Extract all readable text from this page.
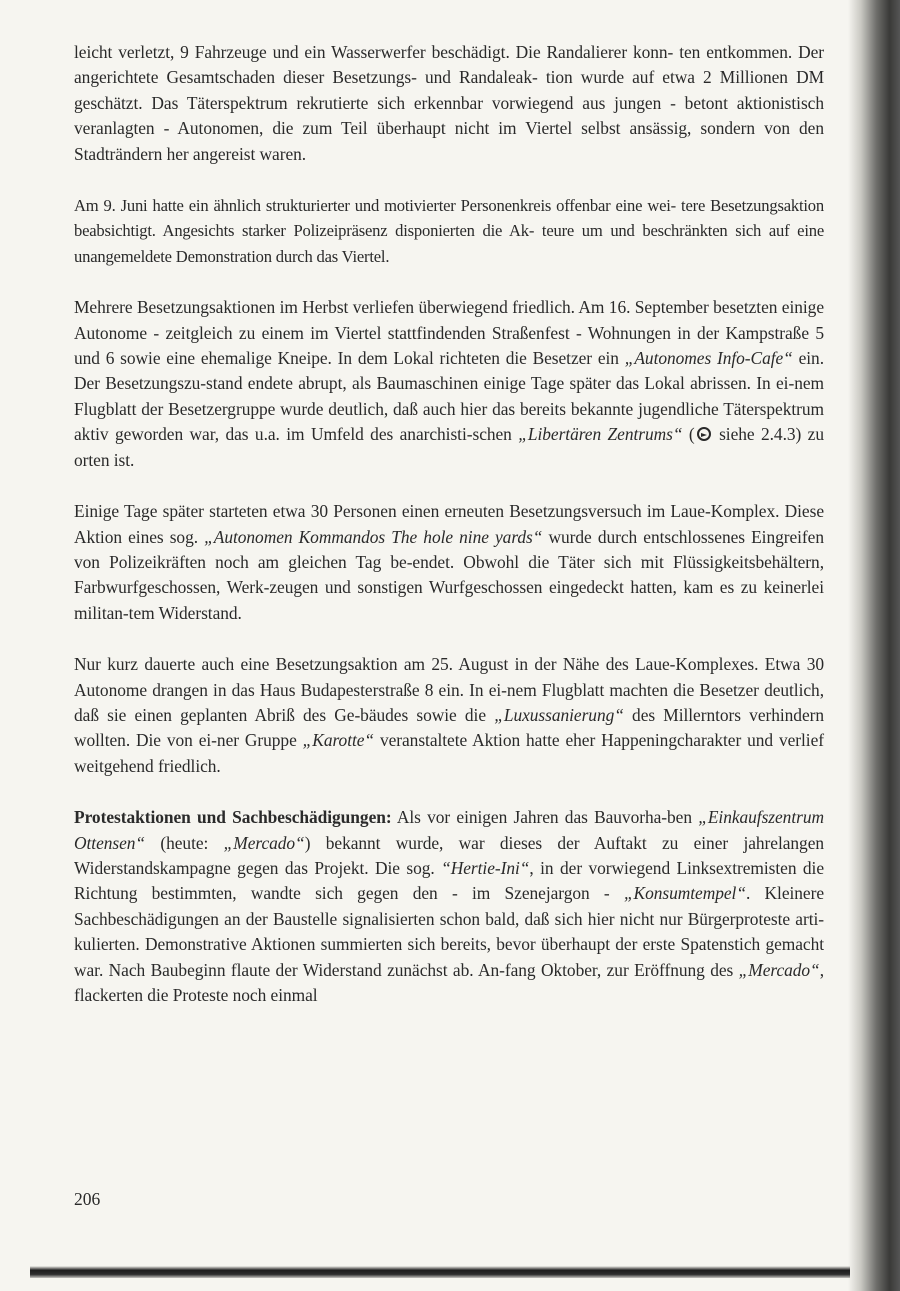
leicht verletzt, 9 Fahrzeuge und ein Wasserwerfer beschädigt. Die Randalierer konn- ten entkommen. Der angerichtete Gesamtschaden dieser Besetzungs- und Randaleak- tion wurde auf etwa 2 Millionen DM geschätzt. Das Täterspektrum rekrutierte sich erkennbar vorwiegend aus jungen - betont aktionistisch veranlagten - Autonomen, die zum Teil überhaupt nicht im Viertel selbst ansässig, sondern von den Stadträndern her angereist waren.

Am 9. Juni hatte ein ähnlich strukturierter und motivierter Personenkreis offenbar eine wei- tere Besetzungsaktion beabsichtigt. Angesichts starker Polizeipräsenz disponierten die Ak- teure um und beschränkten sich auf eine unangemeldete Demonstration durch das Viertel.

Mehrere Besetzungsaktionen im Herbst verliefen überwiegend friedlich. Am 16. September besetzten einige Autonome - zeitgleich zu einem im Viertel stattfindenden Straßenfest - Wohnungen in der Kampstraße 5 und 6 sowie eine ehemalige Kneipe. In dem Lokal richteten die Besetzer ein „Autonomes Info-Cafe“ ein. Der Besetzungszu-stand endete abrupt, als Baumaschinen einige Tage später das Lokal abrissen. In ei-nem Flugblatt der Besetzergruppe wurde deutlich, daß auch hier das bereits bekannte jugendliche Täterspektrum aktiv geworden war, das u.a. im Umfeld des anarchisti-schen „Libertären Zentrums“ ( siehe 2.4.3) zu orten ist.

Einige Tage später starteten etwa 30 Personen einen erneuten Besetzungsversuch im Laue-Komplex. Diese Aktion eines sog. „Autonomen Kommandos The hole nine yards“ wurde durch entschlossenes Eingreifen von Polizeikräften noch am gleichen Tag be-endet. Obwohl die Täter sich mit Flüssigkeitsbehältern, Farbwurfgeschossen, Werk-zeugen und sonstigen Wurfgeschossen eingedeckt hatten, kam es zu keinerlei militan-tem Widerstand.

Nur kurz dauerte auch eine Besetzungsaktion am 25. August in der Nähe des Laue-Komplexes. Etwa 30 Autonome drangen in das Haus Budapesterstraße 8 ein. In ei-nem Flugblatt machten die Besetzer deutlich, daß sie einen geplanten Abriß des Ge-bäudes sowie die „Luxussanierung“ des Millerntors verhindern wollten. Die von ei-ner Gruppe „Karotte“ veranstaltete Aktion hatte eher Happeningcharakter und verlief weitgehend friedlich.

Protestaktionen und Sachbeschädigungen: Als vor einigen Jahren das Bauvorha-ben „Einkaufszentrum Ottensen“ (heute: „Mercado“) bekannt wurde, war dieses der Auftakt zu einer jahrelangen Widerstandskampagne gegen das Projekt. Die sog. “Hertie-Ini“, in der vorwiegend Linksextremisten die Richtung bestimmten, wandte sich gegen den - im Szenejargon - „Konsumtempel“. Kleinere Sachbeschädigungen an der Baustelle signalisierten schon bald, daß sich hier nicht nur Bürgerproteste arti-kulierten. Demonstrative Aktionen summierten sich bereits, bevor überhaupt der erste Spatenstich gemacht war. Nach Baubeginn flaute der Widerstand zunächst ab. An-fang Oktober, zur Eröffnung des „Mercado“, flackerten die Proteste noch einmal

206
